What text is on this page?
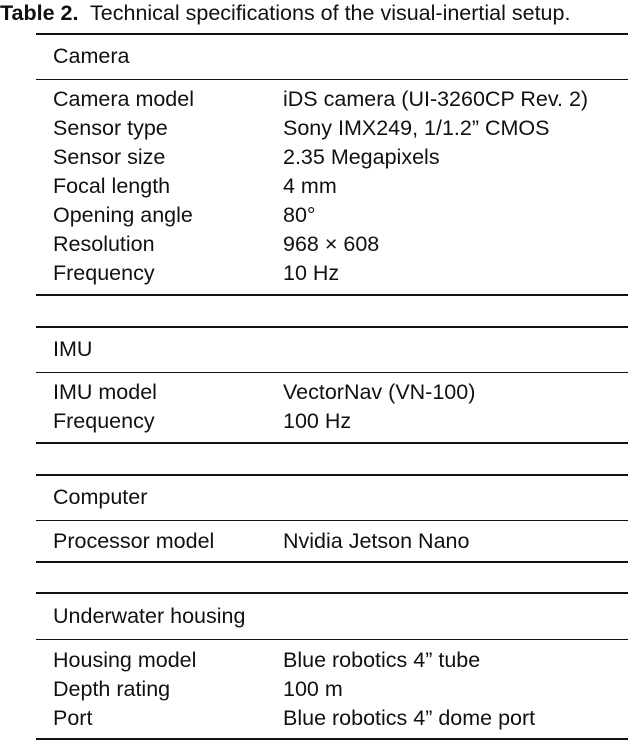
Table 2. Technical specifications of the visual-inertial setup.
Camera
Camera model	iDS camera (UI-3260CP Rev. 2)
Sensor type	Sony IMX249, 1/1.2” CMOS
Sensor size	2.35 Megapixels
Focal length	4 mm
Opening angle	80°
Resolution	968 × 608
Frequency	10 Hz
IMU
IMU model	VectorNav (VN-100)
Frequency	100 Hz
Computer
Processor model	Nvidia Jetson Nano
Underwater housing
Housing model	Blue robotics 4” tube
Depth rating	100 m
Port	Blue robotics 4” dome port
